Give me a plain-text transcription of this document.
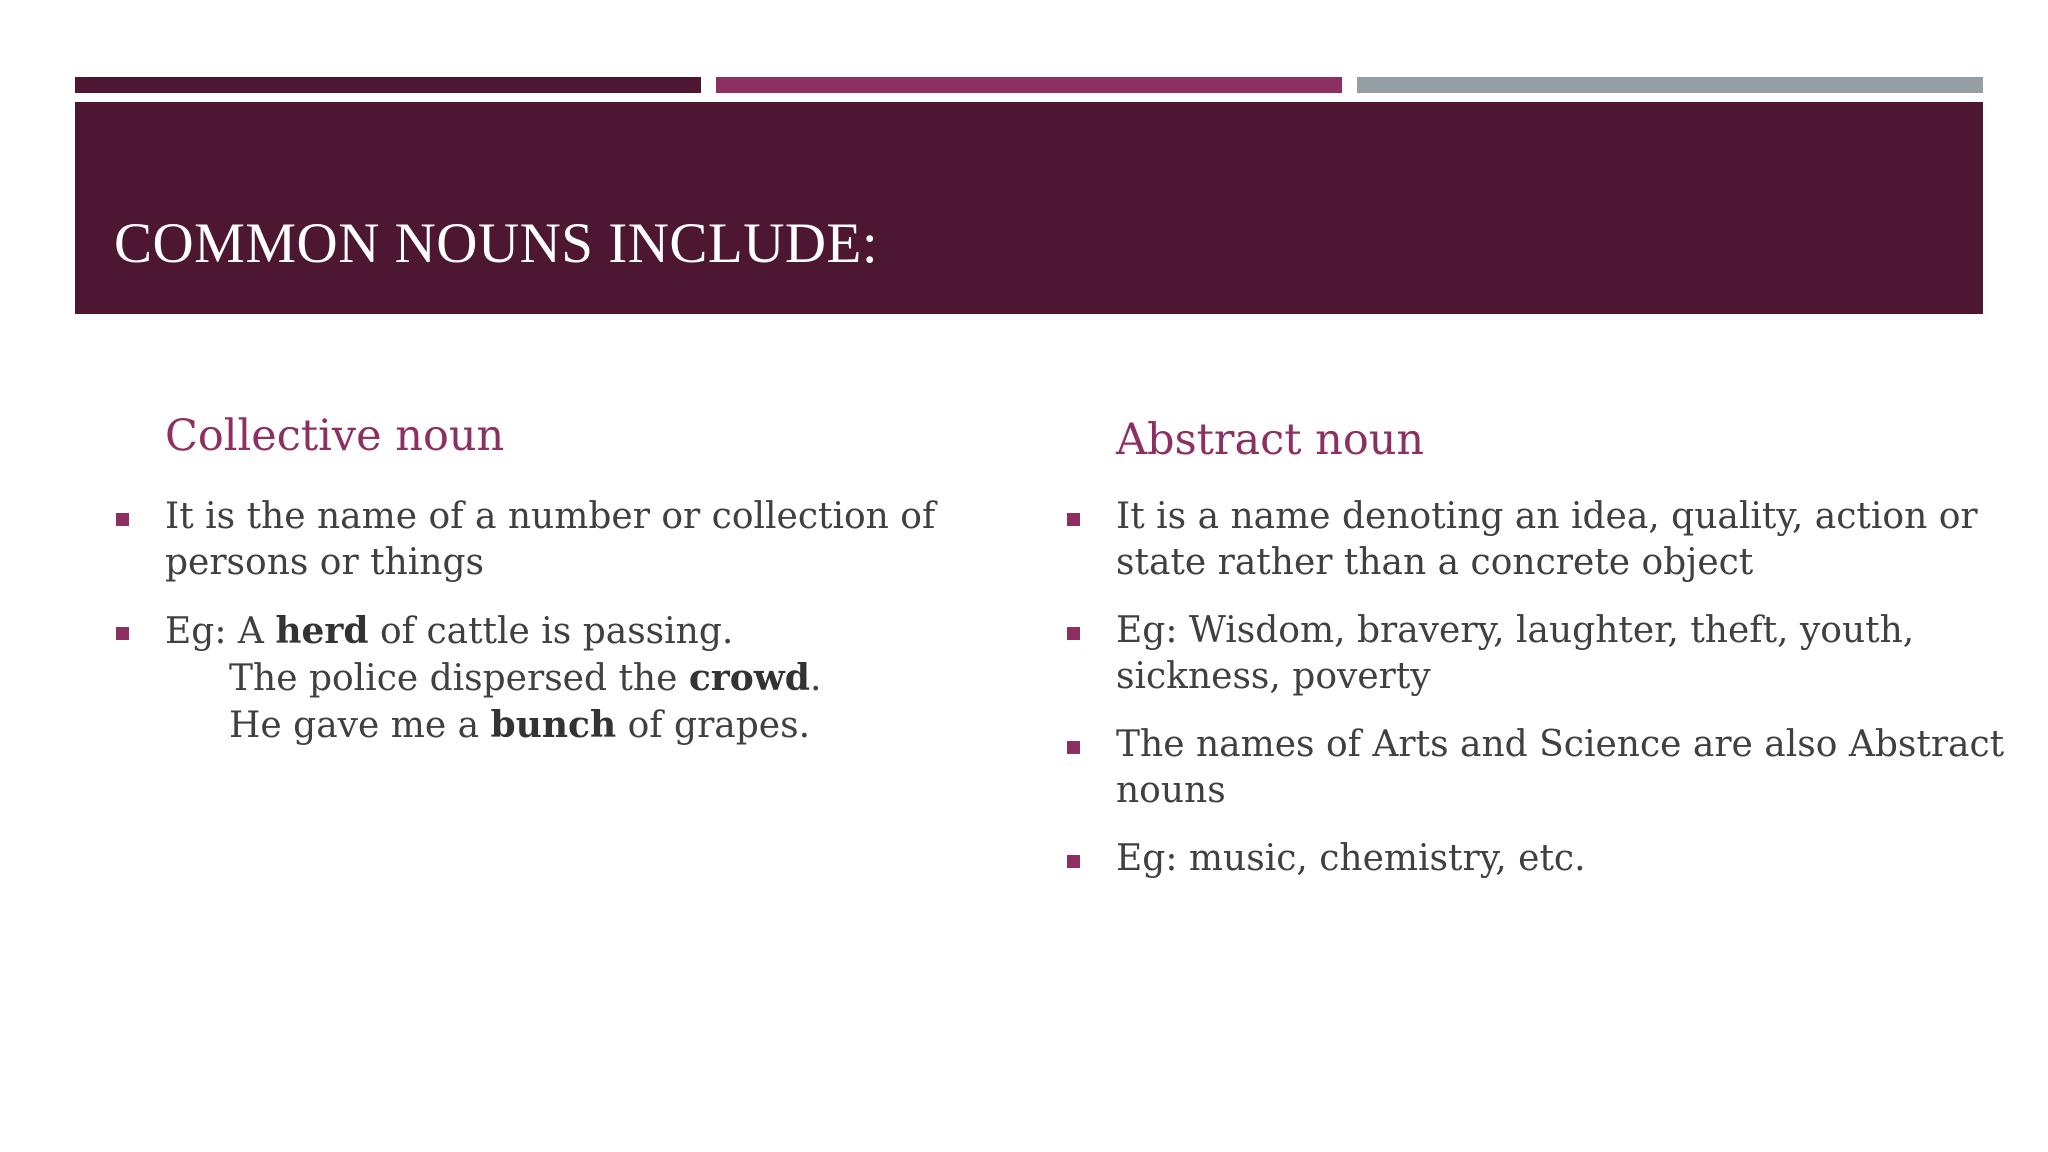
COMMON NOUNS INCLUDE:
Collective noun
It is the name of a number or collection of
persons or things
Eg: A herd of cattle is passing.
The police dispersed the crowd.
He gave me a bunch of grapes.
Abstract noun
It is a name denoting an idea, quality, action or
state rather than a concrete object
Eg: Wisdom, bravery, laughter, theft, youth,
sickness, poverty
The names of Arts and Science are also Abstract
nouns
Eg: music, chemistry, etc.
